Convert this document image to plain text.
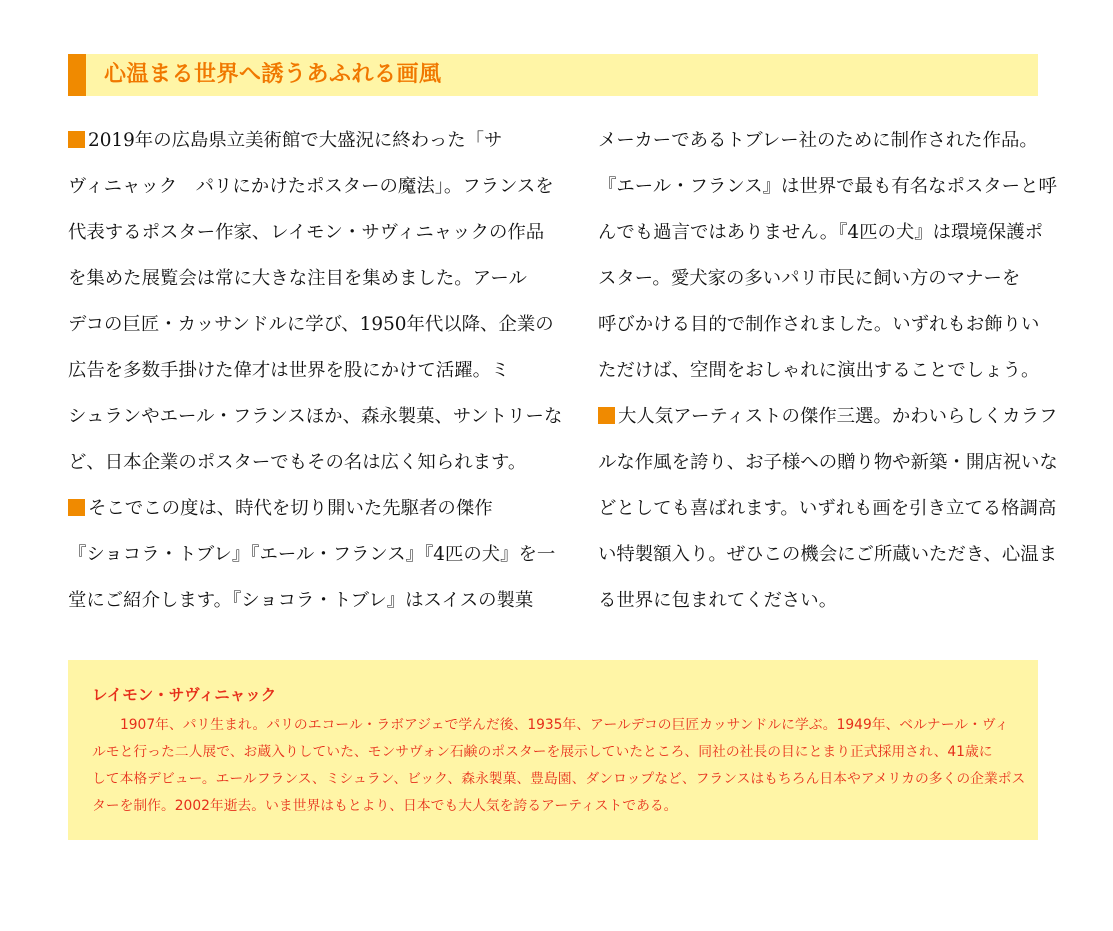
心温まる世界へ誘うあふれる画風
2019年の広島県立美術館で大盛況に終わった「サ
ヴィニャック　パリにかけたポスターの魔法」。フランスを
代表するポスター作家、レイモン・サヴィニャックの作品
を集めた展覧会は常に大きな注目を集めました。アール
デコの巨匠・カッサンドルに学び、1950年代以降、企業の
広告を多数手掛けた偉才は世界を股にかけて活躍。ミ
シュランやエール・フランスほか、森永製菓、サントリーな
ど、日本企業のポスターでもその名は広く知られます。
そこでこの度は、時代を切り開いた先駆者の傑作
『ショコラ・トブレ』『エール・フランス』『4匹の犬』を一
堂にご紹介します。『ショコラ・トブレ』はスイスの製菓
メーカーであるトブレー社のために制作された作品。
『エール・フランス』は世界で最も有名なポスターと呼
んでも過言ではありません。『4匹の犬』は環境保護ポ
スター。愛犬家の多いパリ市民に飼い方のマナーを
呼びかける目的で制作されました。いずれもお飾りい
ただけば、空間をおしゃれに演出することでしょう。
大人気アーティストの傑作三選。かわいらしくカラフ
ルな作風を誇り、お子様への贈り物や新築・開店祝いな
どとしても喜ばれます。いずれも画を引き立てる格調高
い特製額入り。ぜひこの機会にご所蔵いただき、心温ま
る世界に包まれてください。
レイモン・サヴィニャック
1907年、パリ生まれ。パリのエコール・ラボアジェで学んだ後、1935年、アールデコの巨匠カッサンドルに学ぶ。1949年、ベルナール・ヴィ
ルモと行った二人展で、お蔵入りしていた、モンサヴォン石鹸のポスターを展示していたところ、同社の社長の目にとまり正式採用され、41歳に
して本格デビュー。エールフランス、ミシュラン、ビック、森永製菓、豊島園、ダンロップなど、フランスはもちろん日本やアメリカの多くの企業ポス
ターを制作。2002年逝去。いま世界はもとより、日本でも大人気を誇るアーティストである。
